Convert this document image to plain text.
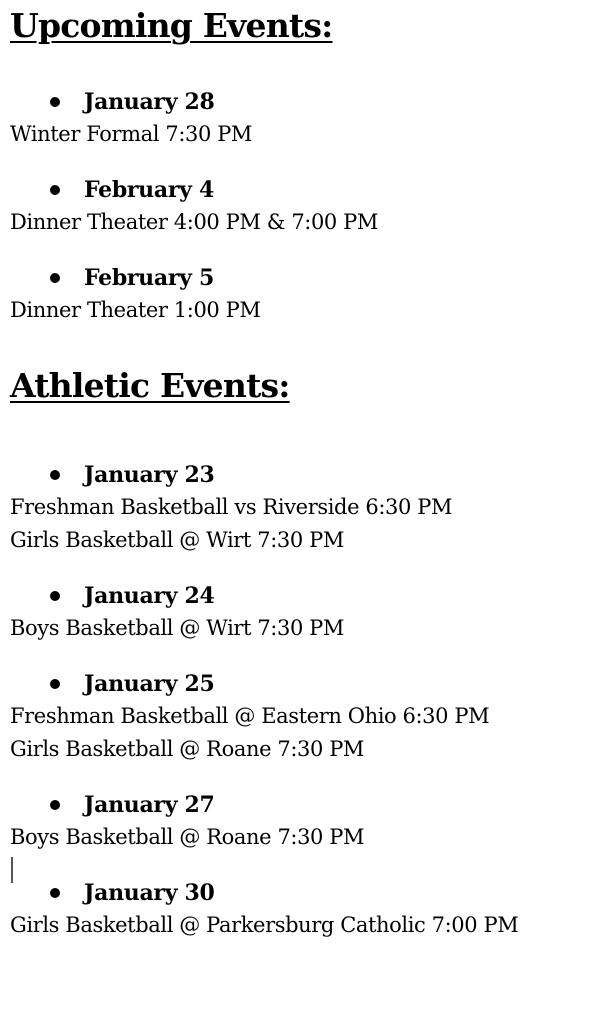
Upcoming Events:
January 28
Winter Formal 7:30 PM
February 4
Dinner Theater 4:00 PM & 7:00 PM
February 5
Dinner Theater 1:00 PM
Athletic Events:
January 23
Freshman Basketball vs Riverside 6:30 PM
Girls Basketball @ Wirt 7:30 PM
January 24
Boys Basketball @ Wirt 7:30 PM
January 25
Freshman Basketball @ Eastern Ohio 6:30 PM
Girls Basketball @ Roane 7:30 PM
January 27
Boys Basketball @ Roane 7:30 PM
January 30
Girls Basketball @ Parkersburg Catholic 7:00 PM
